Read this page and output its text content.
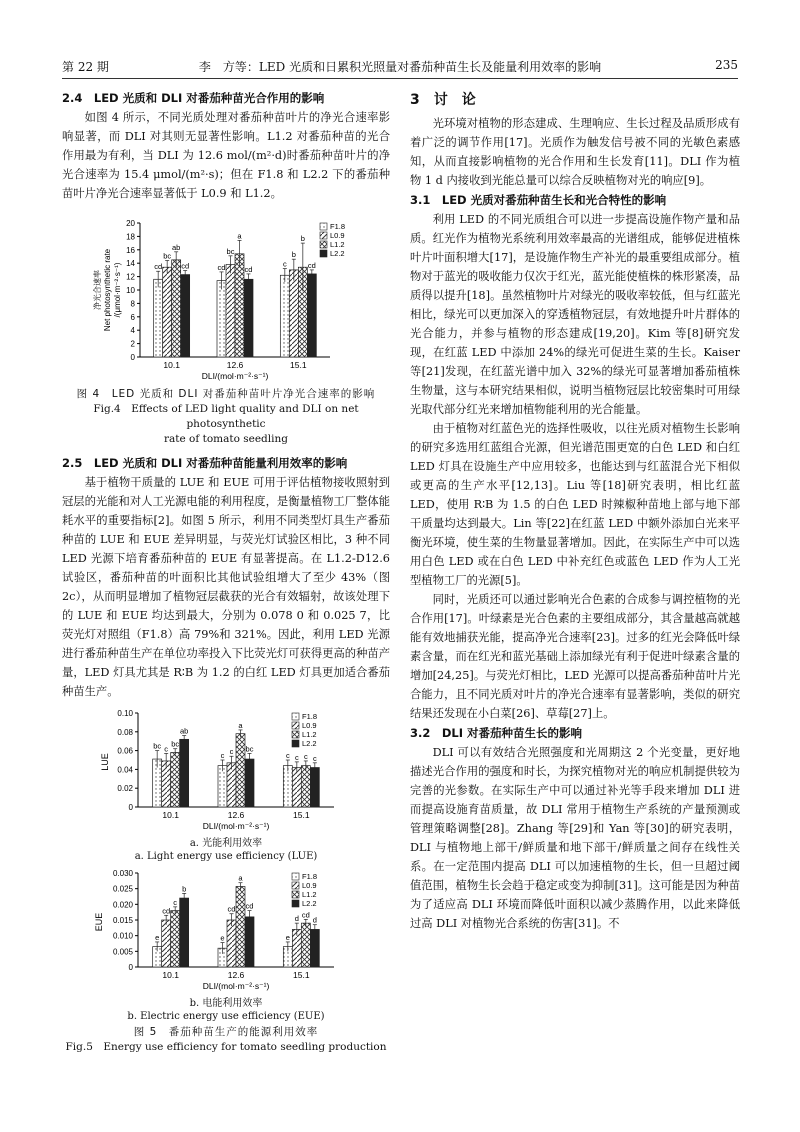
第 22 期	李　方等：LED 光质和日累积光照量对番茄种苗生长及能量利用效率的影响	235
2.4　LED 光质和 DLI 对番茄种苗光合作用的影响

如图 4 所示，不同光质处理对番茄种苗叶片的净光合速率影响显著，而 DLI 对其则无显著性影响。L1.2 对番茄种苗的光合作用最为有利，当 DLI 为 12.6 mol/(m²·d)时番茄种苗叶片的净光合速率为 15.4 μmol/(m²·s)；但在 F1.8 和 L2.2 下的番茄种苗叶片净光合速率显著低于 L0.9 和 L1.2。

0
2
4
6
8
10
12
14
16
18
20
10.1
cd
bc
ab
cd
12.6
cd
bc
a
cd
15.1
c
b
b
cd
DLI/(mol·m⁻²·s⁻¹)
F1.8
L0.9
L1.2
L2.2
净光合速率 Net photosynthetic rate /(μmol·m⁻²·s⁻¹)
图 4　LED 光质和 DLI 对番茄种苗叶片净光合速率的影响
Fig.4　Effects of LED light quality and DLI on net photosynthetic
rate of tomato seedling
2.5　LED 光质和 DLI 对番茄种苗能量利用效率的影响

基于植物干质量的 LUE 和 EUE 可用于评估植物接收照射到冠层的光能和对人工光源电能的利用程度，是衡量植物工厂整体能耗水平的重要指标[2]。如图 5 所示，利用不同类型灯具生产番茄种苗的 LUE 和 EUE 差异明显，与荧光灯试验区相比，3 种不同 LED 光源下培育番茄种苗的 EUE 有显著提高。在 L1.2-D12.6 试验区，番茄种苗的叶面积比其他试验组增大了至少 43%（图 2c），从而明显增加了植物冠层截获的光合有效辐射，故该处理下的 LUE 和 EUE 均达到最大，分别为 0.078 0 和 0.025 7，比荧光灯对照组（F1.8）高 79%和 321%。因此，利用 LED 光源进行番茄种苗生产在单位功率投入下比荧光灯可获得更高的种苗产量，LED 灯具尤其是 R∶B 为 1.2 的白红 LED 灯具更加适合番茄种苗生产。

0
0.02
0.04
0.06
0.08
0.10
10.1
bc c
bc
ab
12.6
c c
a
bc
15.1
c c c c
DLI/(mol·m⁻²·s⁻¹)
F1.8
L0.9
L1.2
L2.2
LUE
a. 光能利用效率
a. Light energy use efficiency (LUE)
0
0.005
0.010
0.015
0.020
0.025
0.030
10.1
e
cd
c
b
12.6
e
cd
a
cd
15.1
e
d cd
d
DLI/(mol·m⁻²·s⁻¹)
F1.8
L0.9
L1.2
L2.2
EUE
b. 电能利用效率
b. Electric energy use efficiency (EUE)
图 5　番茄种苗生产的能源利用效率
Fig.5　Energy use efficiency for tomato seedling production
3　讨　论

光环境对植物的形态建成、生理响应、生长过程及品质形成有着广泛的调节作用[17]。光质作为触发信号被不同的光敏色素感知，从而直接影响植物的光合作用和生长发育[11]。DLI 作为植物 1 d 内接收到光能总量可以综合反映植物对光的响应[9]。

3.1　LED 光质对番茄种苗生长和光合特性的影响

利用 LED 的不同光质组合可以进一步提高设施作物产量和品质。红光作为植物光系统利用效率最高的光谱组成，能够促进植株叶片叶面积增大[17]，是设施作物生产补光的最重要组成部分。植物对于蓝光的吸收能力仅次于红光，蓝光能使植株的株形紧凑，品质得以提升[18]。虽然植物叶片对绿光的吸收率较低，但与红蓝光相比，绿光可以更加深入的穿透植物冠层，有效地提升叶片群体的光合能力，并参与植物的形态建成[19,20]。Kim 等[8]研究发现，在红蓝 LED 中添加 24%的绿光可促进生菜的生长。Kaiser 等[21]发现，在红蓝光谱中加入 32%的绿光可显著增加番茄植株生物量，这与本研究结果相似，说明当植物冠层比较密集时可用绿光取代部分红光来增加植物能利用的光合能量。

由于植物对红蓝色光的选择性吸收，以往光质对植物生长影响的研究多选用红蓝组合光源，但光谱范围更宽的白色 LED 和白红 LED 灯具在设施生产中应用较多，也能达到与红蓝混合光下相似或更高的生产水平[12,13]。Liu 等[18]研究表明，相比红蓝 LED，使用 R∶B 为 1.5 的白色 LED 时辣椒种苗地上部与地下部干质量均达到最大。Lin 等[22]在红蓝 LED 中额外添加白光来平衡光环境，使生菜的生物量显著增加。因此，在实际生产中可以选用白色 LED 或在白色 LED 中补充红色或蓝色 LED 作为人工光型植物工厂的光源[5]。

同时，光质还可以通过影响光合色素的合成参与调控植物的光合作用[17]。叶绿素是光合色素的主要组成部分，其含量越高就越能有效地捕获光能，提高净光合速率[23]。过多的红光会降低叶绿素含量，而在红光和蓝光基础上添加绿光有利于促进叶绿素含量的增加[24,25]。与荧光灯相比，LED 光源可以提高番茄种苗叶片光合能力，且不同光质对叶片的净光合速率有显著影响，类似的研究结果还发现在小白菜[26]、草莓[27]上。

3.2　DLI 对番茄种苗生长的影响

DLI 可以有效结合光照强度和光周期这 2 个光变量，更好地描述光合作用的强度和时长，为探究植物对光的响应机制提供较为完善的光参数。在实际生产中可以通过补光等手段来增加 DLI 进而提高设施育苗质量，故 DLI 常用于植物生产系统的产量预测或管理策略调整[28]。Zhang 等[29]和 Yan 等[30]的研究表明，DLI 与植物地上部干/鲜质量和地下部干/鲜质量之间存在线性关系。在一定范围内提高 DLI 可以加速植物的生长，但一旦超过阈值范围，植物生长会趋于稳定或变为抑制[31]。这可能是因为种苗为了适应高 DLI 环境而降低叶面积以减少蒸腾作用，以此来降低过高 DLI 对植物光合系统的伤害[31]。不
